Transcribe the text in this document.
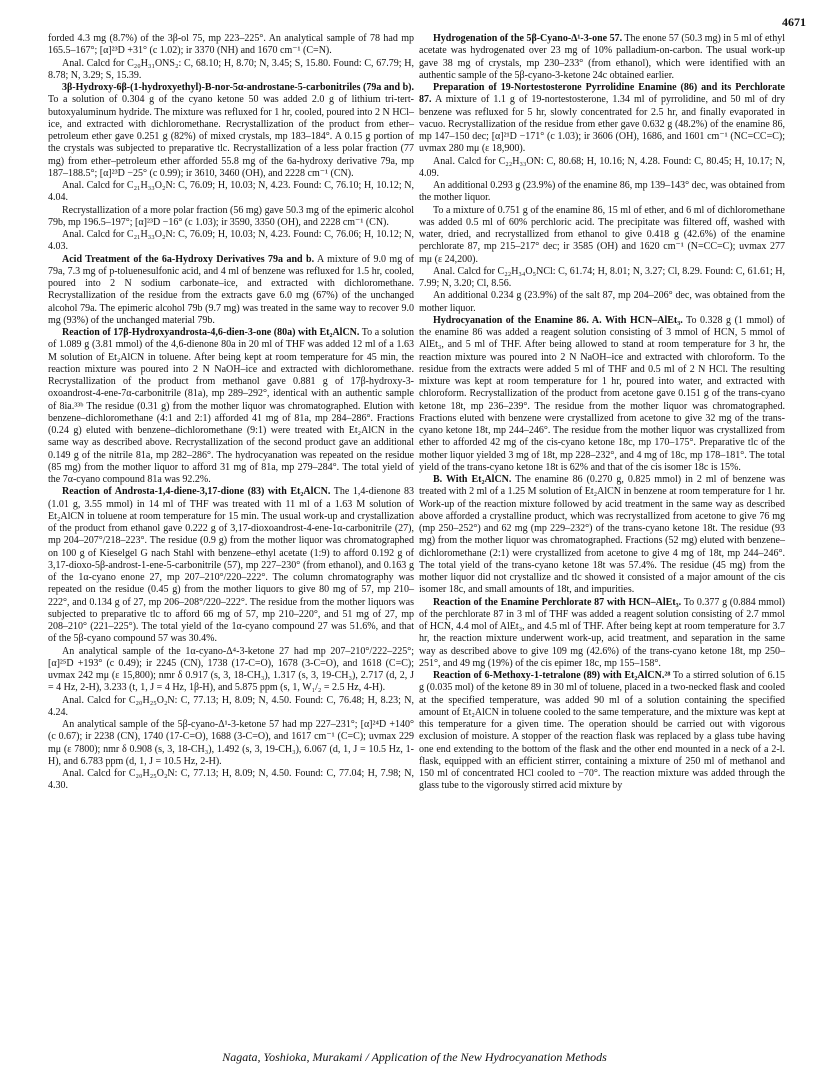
4671

forded 4.3 mg (8.7%) of the 3β-ol 75, mp 223–225°. An analytical sample of 78 had mp 165.5–167°; [α]²³D +31° (c 1.02); ir 3370 (NH) and 1670 cm⁻¹ (C=N).

Anal. Calcd for C₂₀H₃₁ONS₂: C, 68.10; H, 8.70; N, 3.45; S, 15.80. Found: C, 67.79; H, 8.78; N, 3.29; S, 15.39.

3β-Hydroxy-6β-(1-hydroxyethyl)-B-nor-5α-androstane-5-carbonitriles (79a and b). To a solution of 0.304 g of the cyano ketone 50 was added 2.0 g of lithium tri-tert-butoxyaluminum hydride. The mixture was refluxed for 1 hr, cooled, poured into 2 N HCl–ice, and extracted with dichloromethane. Recrystallization of the product from ether–petroleum ether gave 0.251 g (82%) of mixed crystals, mp 183–184°. A 0.15 g portion of the crystals was subjected to preparative tlc. Recrystallization of a less polar fraction (77 mg) from ether–petroleum ether afforded 55.8 mg of the 6a-hydroxy derivative 79a, mp 187–188.5°; [α]²³D −25° (c 0.99); ir 3610, 3460 (OH), and 2228 cm⁻¹ (CN).

Anal. Calcd for C₂₁H₃₃O₂N: C, 76.09; H, 10.03; N, 4.23. Found: C, 76.10; H, 10.12; N, 4.04.

Recrystallization of a more polar fraction (56 mg) gave 50.3 mg of the epimeric alcohol 79b, mp 196.5–197°; [α]²³D −16° (c 1.03); ir 3590, 3350 (OH), and 2228 cm⁻¹ (CN).

Anal. Calcd for C₂₁H₃₃O₂N: C, 76.09; H, 10.03; N, 4.23. Found: C, 76.06; H, 10.12; N, 4.03.

Acid Treatment of the 6a-Hydroxy Derivatives 79a and b. A mixture of 9.0 mg of 79a, 7.3 mg of p-toluenesulfonic acid, and 4 ml of benzene was refluxed for 1.5 hr, cooled, poured into 2 N sodium carbonate–ice, and extracted with dichloromethane. Recrystallization of the residue from the extracts gave 6.0 mg (67%) of the unchanged alcohol 79a. The epimeric alcohol 79b (9.7 mg) was treated in the same way to recover 9.0 mg (93%) of the unchanged material 79b.

Reaction of 17β-Hydroxyandrosta-4,6-dien-3-one (80a) with Et₂AlCN. To a solution of 1.089 g (3.81 mmol) of the 4,6-dienone 80a in 20 ml of THF was added 12 ml of a 1.63 M solution of Et₂AlCN in toluene. After being kept at room temperature for 45 min, the reaction mixture was poured into 2 N NaOH–ice and extracted with dichloromethane. Recrystallization of the product from methanol gave 0.881 g of 17β-hydroxy-3-oxoandrost-4-ene-7α-carbonitrile (81a), mp 289–292°, identical with an authentic sample of 8ia.³³ᵇ The residue (0.31 g) from the mother liquor was chromatographed. Elution with benzene–dichloromethane (4:1 and 2:1) afforded 41 mg of 81a, mp 284–286°. Fractions (0.24 g) eluted with benzene–dichloromethane (9:1) were treated with Et₂AlCN in the same way as described above. Recrystallization of the second product gave an additional 0.149 g of the nitrile 81a, mp 282–286°. The hydrocyanation was repeated on the residue (85 mg) from the mother liquor to afford 31 mg of 81a, mp 279–284°. The total yield of the 7α-cyano compound 81a was 92.2%.

Reaction of Androsta-1,4-diene-3,17-dione (83) with Et₂AlCN. The 1,4-dienone 83 (1.01 g, 3.55 mmol) in 14 ml of THF was treated with 11 ml of a 1.63 M solution of Et₂AlCN in toluene at room temperature for 15 min. The usual work-up and crystallization of the product from ethanol gave 0.222 g of 3,17-dioxoandrost-4-ene-1α-carbonitrile (27), mp 204–207°/218–223°. The residue (0.9 g) from the mother liquor was chromatographed on 100 g of Kieselgel G nach Stahl with benzene–ethyl acetate (1:9) to afford 0.192 g of 3,17-dioxo-5β-androst-1-ene-5-carbonitrile (57), mp 227–230° (from ethanol), and 0.163 g of the 1α-cyano enone 27, mp 207–210°/220–222°. The column chromatography was repeated on the residue (0.45 g) from the mother liquors to give 80 mg of 57, mp 210–222°, and 0.134 g of 27, mp 206–208°/220–222°. The residue from the mother liquors was subjected to preparative tlc to afford 66 mg of 57, mp 210–220°, and 51 mg of 27, mp 208–210° (221–225°). The total yield of the 1α-cyano compound 27 was 51.6%, and that of the 5β-cyano compound 57 was 30.4%.

An analytical sample of the 1α-cyano-Δ⁴-3-ketone 27 had mp 207–210°/222–225°; [α]²⁵D +193° (c 0.49); ir 2245 (CN), 1738 (17-C=O), 1678 (3-C=O), and 1618 (C=C); uvmax 242 mμ (ε 15,800); nmr δ 0.917 (s, 3, 18-CH₃), 1.317 (s, 3, 19-CH₃), 2.717 (d, 2, J = 4 Hz, 2-H), 3.233 (t, 1, J = 4 Hz, 1β-H), and 5.875 ppm (s, 1, W₁/₂ = 2.5 Hz, 4-H).

Anal. Calcd for C₂₀H₂₅O₂N: C, 77.13; H, 8.09; N, 4.50. Found: C, 76.48; H, 8.23; N, 4.24.

An analytical sample of the 5β-cyano-Δ¹-3-ketone 57 had mp 227–231°; [α]²⁴D +140° (c 0.67); ir 2238 (CN), 1740 (17-C=O), 1688 (3-C=O), and 1617 cm⁻¹ (C=C); uvmax 229 mμ (ε 7800); nmr δ 0.908 (s, 3, 18-CH₃), 1.492 (s, 3, 19-CH₃), 6.067 (d, 1, J = 10.5 Hz, 1-H), and 6.783 ppm (d, 1, J = 10.5 Hz, 2-H).

Anal. Calcd for C₂₀H₂₅O₂N: C, 77.13; H, 8.09; N, 4.50. Found: C, 77.04; H, 7.98; N, 4.30.

Hydrogenation of the 5β-Cyano-Δ¹-3-one 57. The enone 57 (50.3 mg) in 5 ml of ethyl acetate was hydrogenated over 23 mg of 10% palladium-on-carbon. The usual work-up gave 38 mg of crystals, mp 230–233° (from ethanol), which were identified with an authentic sample of the 5β-cyano-3-ketone 24c obtained earlier.

Preparation of 19-Nortestosterone Pyrrolidine Enamine (86) and its Perchlorate 87. A mixture of 1.1 g of 19-nortestosterone, 1.34 ml of pyrrolidine, and 50 ml of dry benzene was refluxed for 5 hr, slowly concentrated for 2.5 hr, and finally evaporated in vacuo. Recrystallization of the residue from ether gave 0.632 g (48.2%) of the enamine 86, mp 147–150 dec; [α]²¹D −171° (c 1.03); ir 3606 (OH), 1686, and 1601 cm⁻¹ (NC=CC=C); uvmax 280 mμ (ε 18,900).

Anal. Calcd for C₂₂H₃₃ON: C, 80.68; H, 10.16; N, 4.28. Found: C, 80.45; H, 10.17; N, 4.09.

An additional 0.293 g (23.9%) of the enamine 86, mp 139–143° dec, was obtained from the mother liquor.

To a mixture of 0.751 g of the enamine 86, 15 ml of ether, and 6 ml of dichloromethane was added 0.5 ml of 60% perchloric acid. The precipitate was filtered off, washed with water, dried, and recrystallized from ethanol to give 0.418 g (42.6%) of the enamine perchlorate 87, mp 215–217° dec; ir 3585 (OH) and 1620 cm⁻¹ (N=CC=C); uvmax 277 mμ (ε 24,200).

Anal. Calcd for C₂₂H₃₄O₅NCl: C, 61.74; H, 8.01; N, 3.27; Cl, 8.29. Found: C, 61.61; H, 7.99; N, 3.20; Cl, 8.56.

An additional 0.234 g (23.9%) of the salt 87, mp 204–206° dec, was obtained from the mother liquor.

Hydrocyanation of the Enamine 86. A. With HCN–AlEt₃. To 0.328 g (1 mmol) of the enamine 86 was added a reagent solution consisting of 3 mmol of HCN, 5 mmol of AlEt₃, and 5 ml of THF. After being allowed to stand at room temperature for 3 hr, the reaction mixture was poured into 2 N NaOH–ice and extracted with chloroform. To the residue from the extracts were added 5 ml of THF and 0.5 ml of 2 N HCl. The resulting mixture was kept at room temperature for 1 hr, poured into water, and extracted with chloroform. Recrystallization of the product from acetone gave 0.151 g of the trans-cyano ketone 18t, mp 236–239°. The residue from the mother liquor was chromatographed. Fractions eluted with benzene were crystallized from acetone to give 32 mg of the trans-cyano ketone 18t, mp 244–246°. The residue from the mother liquor was crystallized from ether to afforded 42 mg of the cis-cyano ketone 18c, mp 170–175°. Preparative tlc of the mother liquor yielded 3 mg of 18t, mp 228–232°, and 4 mg of 18c, mp 178–181°. The total yield of the trans-cyano ketone 18t is 62% and that of the cis isomer 18c is 15%.

B. With Et₂AlCN. The enamine 86 (0.270 g, 0.825 mmol) in 2 ml of benzene was treated with 2 ml of a 1.25 M solution of Et₂AlCN in benzene at room temperature for 1 hr. Work-up of the reaction mixture followed by acid treatment in the same way as described above afforded a crystalline product, which was recrystallized from acetone to give 76 mg (mp 250–252°) and 62 mg (mp 229–232°) of the trans-cyano ketone 18t. The residue (93 mg) from the mother liquor was chromatographed. Fractions (52 mg) eluted with benzene–dichloromethane (2:1) were crystallized from acetone to give 4 mg of 18t, mp 244–246°. The total yield of the trans-cyano ketone 18t was 57.4%. The residue (45 mg) from the mother liquor did not crystallize and tlc showed it consisted of a major amount of the cis isomer 18c, and small amounts of 18t, and impurities.

Reaction of the Enamine Perchlorate 87 with HCN–AlEt₃. To 0.377 g (0.884 mmol) of the perchlorate 87 in 3 ml of THF was added a reagent solution consisting of 2.7 mmol of HCN, 4.4 mol of AlEt₃, and 4.5 ml of THF. After being kept at room temperature for 3.7 hr, the reaction mixture underwent work-up, acid treatment, and separation in the same way as described above to give 109 mg (42.6%) of the trans-cyano ketone 18t, mp 250–251°, and 49 mg (19%) of the cis epimer 18c, mp 155–158°.

Reaction of 6-Methoxy-1-tetralone (89) with Et₂AlCN.²⁸ To a stirred solution of 6.15 g (0.035 mol) of the ketone 89 in 30 ml of toluene, placed in a two-necked flask and cooled at the specified temperature, was added 90 ml of a solution containing the specified amount of Et₂AlCN in toluene cooled to the same temperature, and the mixture was kept at this temperature for a given time. The operation should be carried out with vigorous exclusion of moisture. A stopper of the reaction flask was replaced by a glass tube having one end extending to the bottom of the flask and the other end mounted in a neck of a 2-l. flask, equipped with an efficient stirrer, containing a mixture of 250 ml of methanol and 150 ml of concentrated HCl cooled to −70°. The reaction mixture was added through the glass tube to the vigorously stirred acid mixture by

Nagata, Yoshioka, Murakami / Application of the New Hydrocyanation Methods
